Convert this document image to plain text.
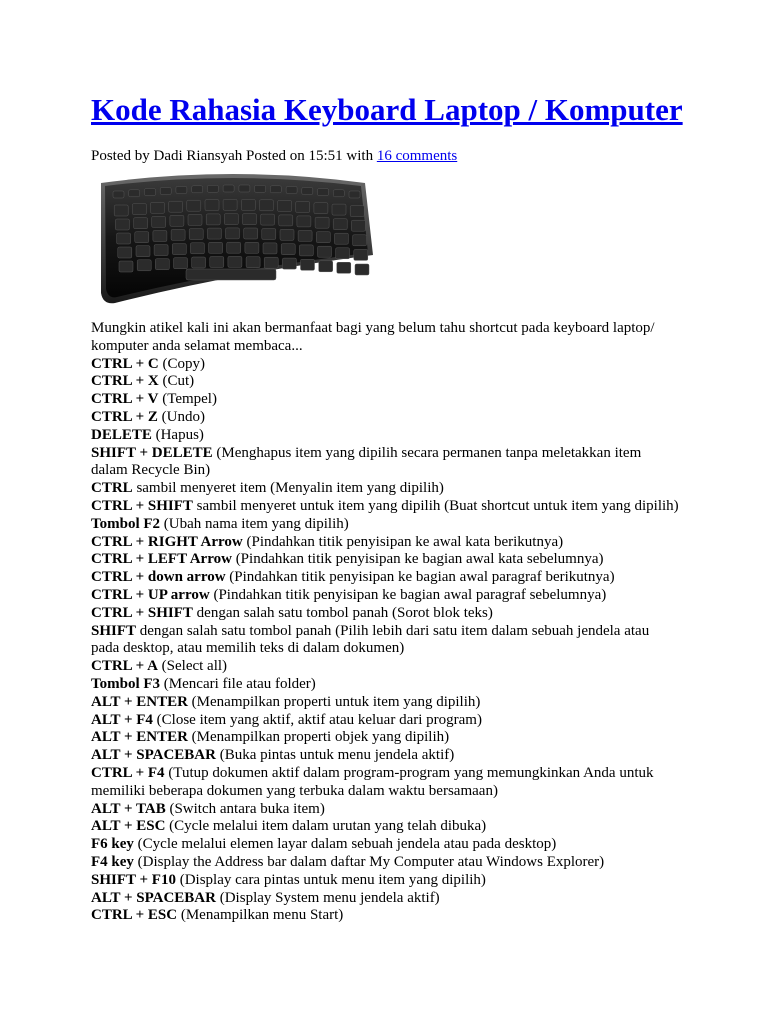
Kode Rahasia Keyboard Laptop / Komputer
Posted by Dadi Riansyah Posted on 15:51 with 16 comments

Mungkin atikel kali ini akan bermanfaat bagi yang belum tahu shortcut pada keyboard laptop/ komputer anda selamat membaca...

CTRL + C (Copy)

CTRL + X (Cut)

CTRL + V (Tempel)

CTRL + Z (Undo)

DELETE (Hapus)

SHIFT + DELETE (Menghapus item yang dipilih secara permanen tanpa meletakkan item dalam Recycle Bin)

CTRL sambil menyeret item (Menyalin item yang dipilih)

CTRL + SHIFT sambil menyeret untuk item yang dipilih (Buat shortcut untuk item yang dipilih)

Tombol F2 (Ubah nama item yang dipilih)

CTRL + RIGHT Arrow (Pindahkan titik penyisipan ke awal kata berikutnya)

CTRL + LEFT Arrow (Pindahkan titik penyisipan ke bagian awal kata sebelumnya)

CTRL + down arrow (Pindahkan titik penyisipan ke bagian awal paragraf berikutnya)

CTRL + UP arrow (Pindahkan titik penyisipan ke bagian awal paragraf sebelumnya)

CTRL + SHIFT dengan salah satu tombol panah (Sorot blok teks)

SHIFT dengan salah satu tombol panah (Pilih lebih dari satu item dalam sebuah jendela atau pada desktop, atau memilih teks di dalam dokumen)

CTRL + A (Select all)

Tombol F3 (Mencari file atau folder)

ALT + ENTER (Menampilkan properti untuk item yang dipilih)

ALT + F4 (Close item yang aktif, aktif atau keluar dari program)

ALT + ENTER (Menampilkan properti objek yang dipilih)

ALT + SPACEBAR (Buka pintas untuk menu jendela aktif)

CTRL + F4 (Tutup dokumen aktif dalam program-program yang memungkinkan Anda untuk memiliki beberapa dokumen yang terbuka dalam waktu bersamaan)

ALT + TAB (Switch antara buka item)

ALT + ESC (Cycle melalui item dalam urutan yang telah dibuka)

F6 key (Cycle melalui elemen layar dalam sebuah jendela atau pada desktop)

F4 key (Display the Address bar dalam daftar My Computer atau Windows Explorer)

SHIFT + F10 (Display cara pintas untuk menu item yang dipilih)

ALT + SPACEBAR (Display System menu jendela aktif)

CTRL + ESC (Menampilkan menu Start)
